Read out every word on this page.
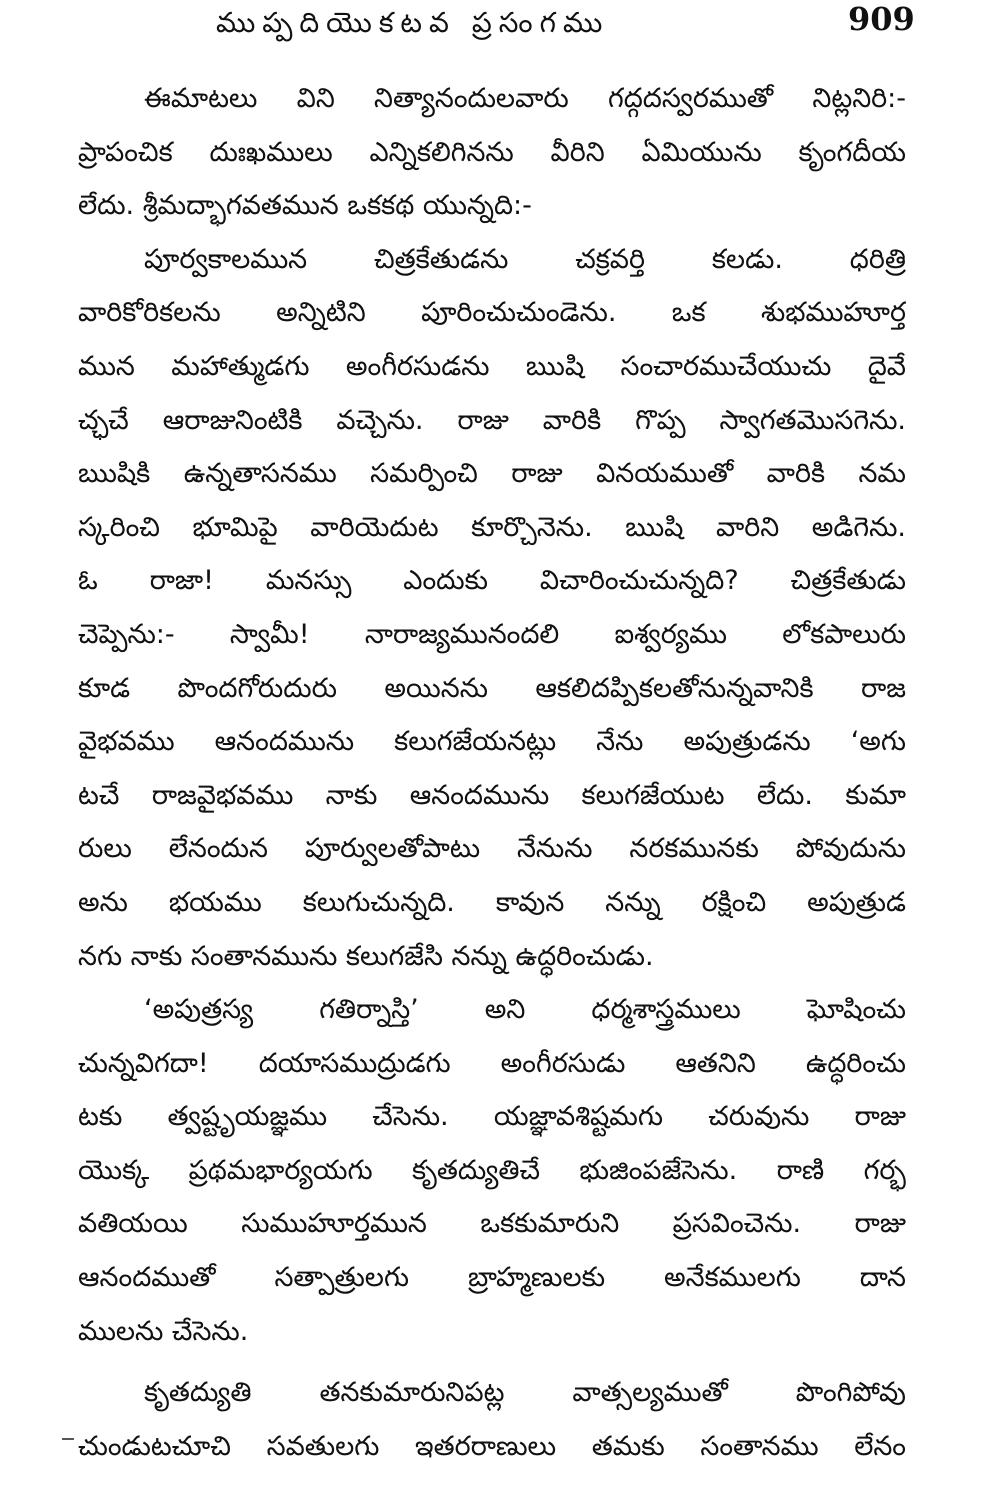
ముప్పదియొకటవ ప్రసంగము	909
ఈమాటలు విని నిత్యానందులవారు గద్గదస్వరముతో నిట్లనిరి:-
ప్రాపంచిక దుఃఖములు ఎన్నికలిగినను వీరిని ఏమియును కృంగదీయ
లేదు. శ్రీమద్భాగవతమున ఒకకథ యున్నది:-
పూర్వకాలమున చిత్రకేతుడను చక్రవర్తి కలడు. ధరిత్రి
వారికోరికలను అన్నిటిని పూరించుచుండెను. ఒక శుభముహూర్త
మున మహాత్ముడగు అంగీరసుడను ఋషి సంచారముచేయుచు దైవే
చ్ఛచే ఆరాజునింటికి వచ్చెను. రాజు వారికి గొప్ప స్వాగతమొసగెను.
ఋషికి ఉన్నతాసనము సమర్పించి రాజు వినయముతో వారికి నమ
స్కరించి భూమిపై వారియెదుట కూర్చొనెను. ఋషి వారిని అడిగెను.
ఓ రాజా! మనస్సు ఎందుకు విచారించుచున్నది? చిత్రకేతుడు
చెప్పెను:- స్వామీ! నారాజ్యమునందలి ఐశ్వర్యము లోకపాలురు
కూడ పొందగోరుదురు అయినను ఆకలిదప్పికలతోనున్నవానికి రాజ
వైభవము ఆనందమును కలుగజేయనట్లు నేను అపుత్రుడను ‘అగు
టచే రాజవైభవము నాకు ఆనందమును కలుగజేయుట లేదు. కుమా
రులు లేనందున పూర్వులతోపాటు నేనును నరకమునకు పోవుదును
అను భయము కలుగుచున్నది. కావున నన్ను రక్షించి అపుత్రుడ
నగు నాకు సంతానమును కలుగజేసి నన్ను ఉద్ధరించుడు.
‘అపుత్రస్య గతిర్నాస్తి’ అని ధర్మశాస్త్రములు ఘోషించు
చున్నవిగదా! దయాసముద్రుడగు అంగీరసుడు ఆతనిని ఉద్ధరించు
టకు త్వష్టృయజ్ఞము చేసెను. యజ్ఞావశిష్టమగు చరువును రాజు
యొక్క ప్రథమభార్యయగు కృతద్యుతిచే భుజింపజేసెను. రాణి గర్భ
వతియయి సుముహూర్తమున ఒకకుమారుని ప్రసవించెను. రాజు
ఆనందముతో సత్పాత్రులగు బ్రాహ్మణులకు అనేకములగు దాన
ములను చేసెను.
కృతద్యుతి తనకుమారునిపట్ల వాత్సల్యముతో పొంగిపోవు
చుండుటచూచి సవతులగు ఇతరరాణులు తమకు సంతానము లేనం
